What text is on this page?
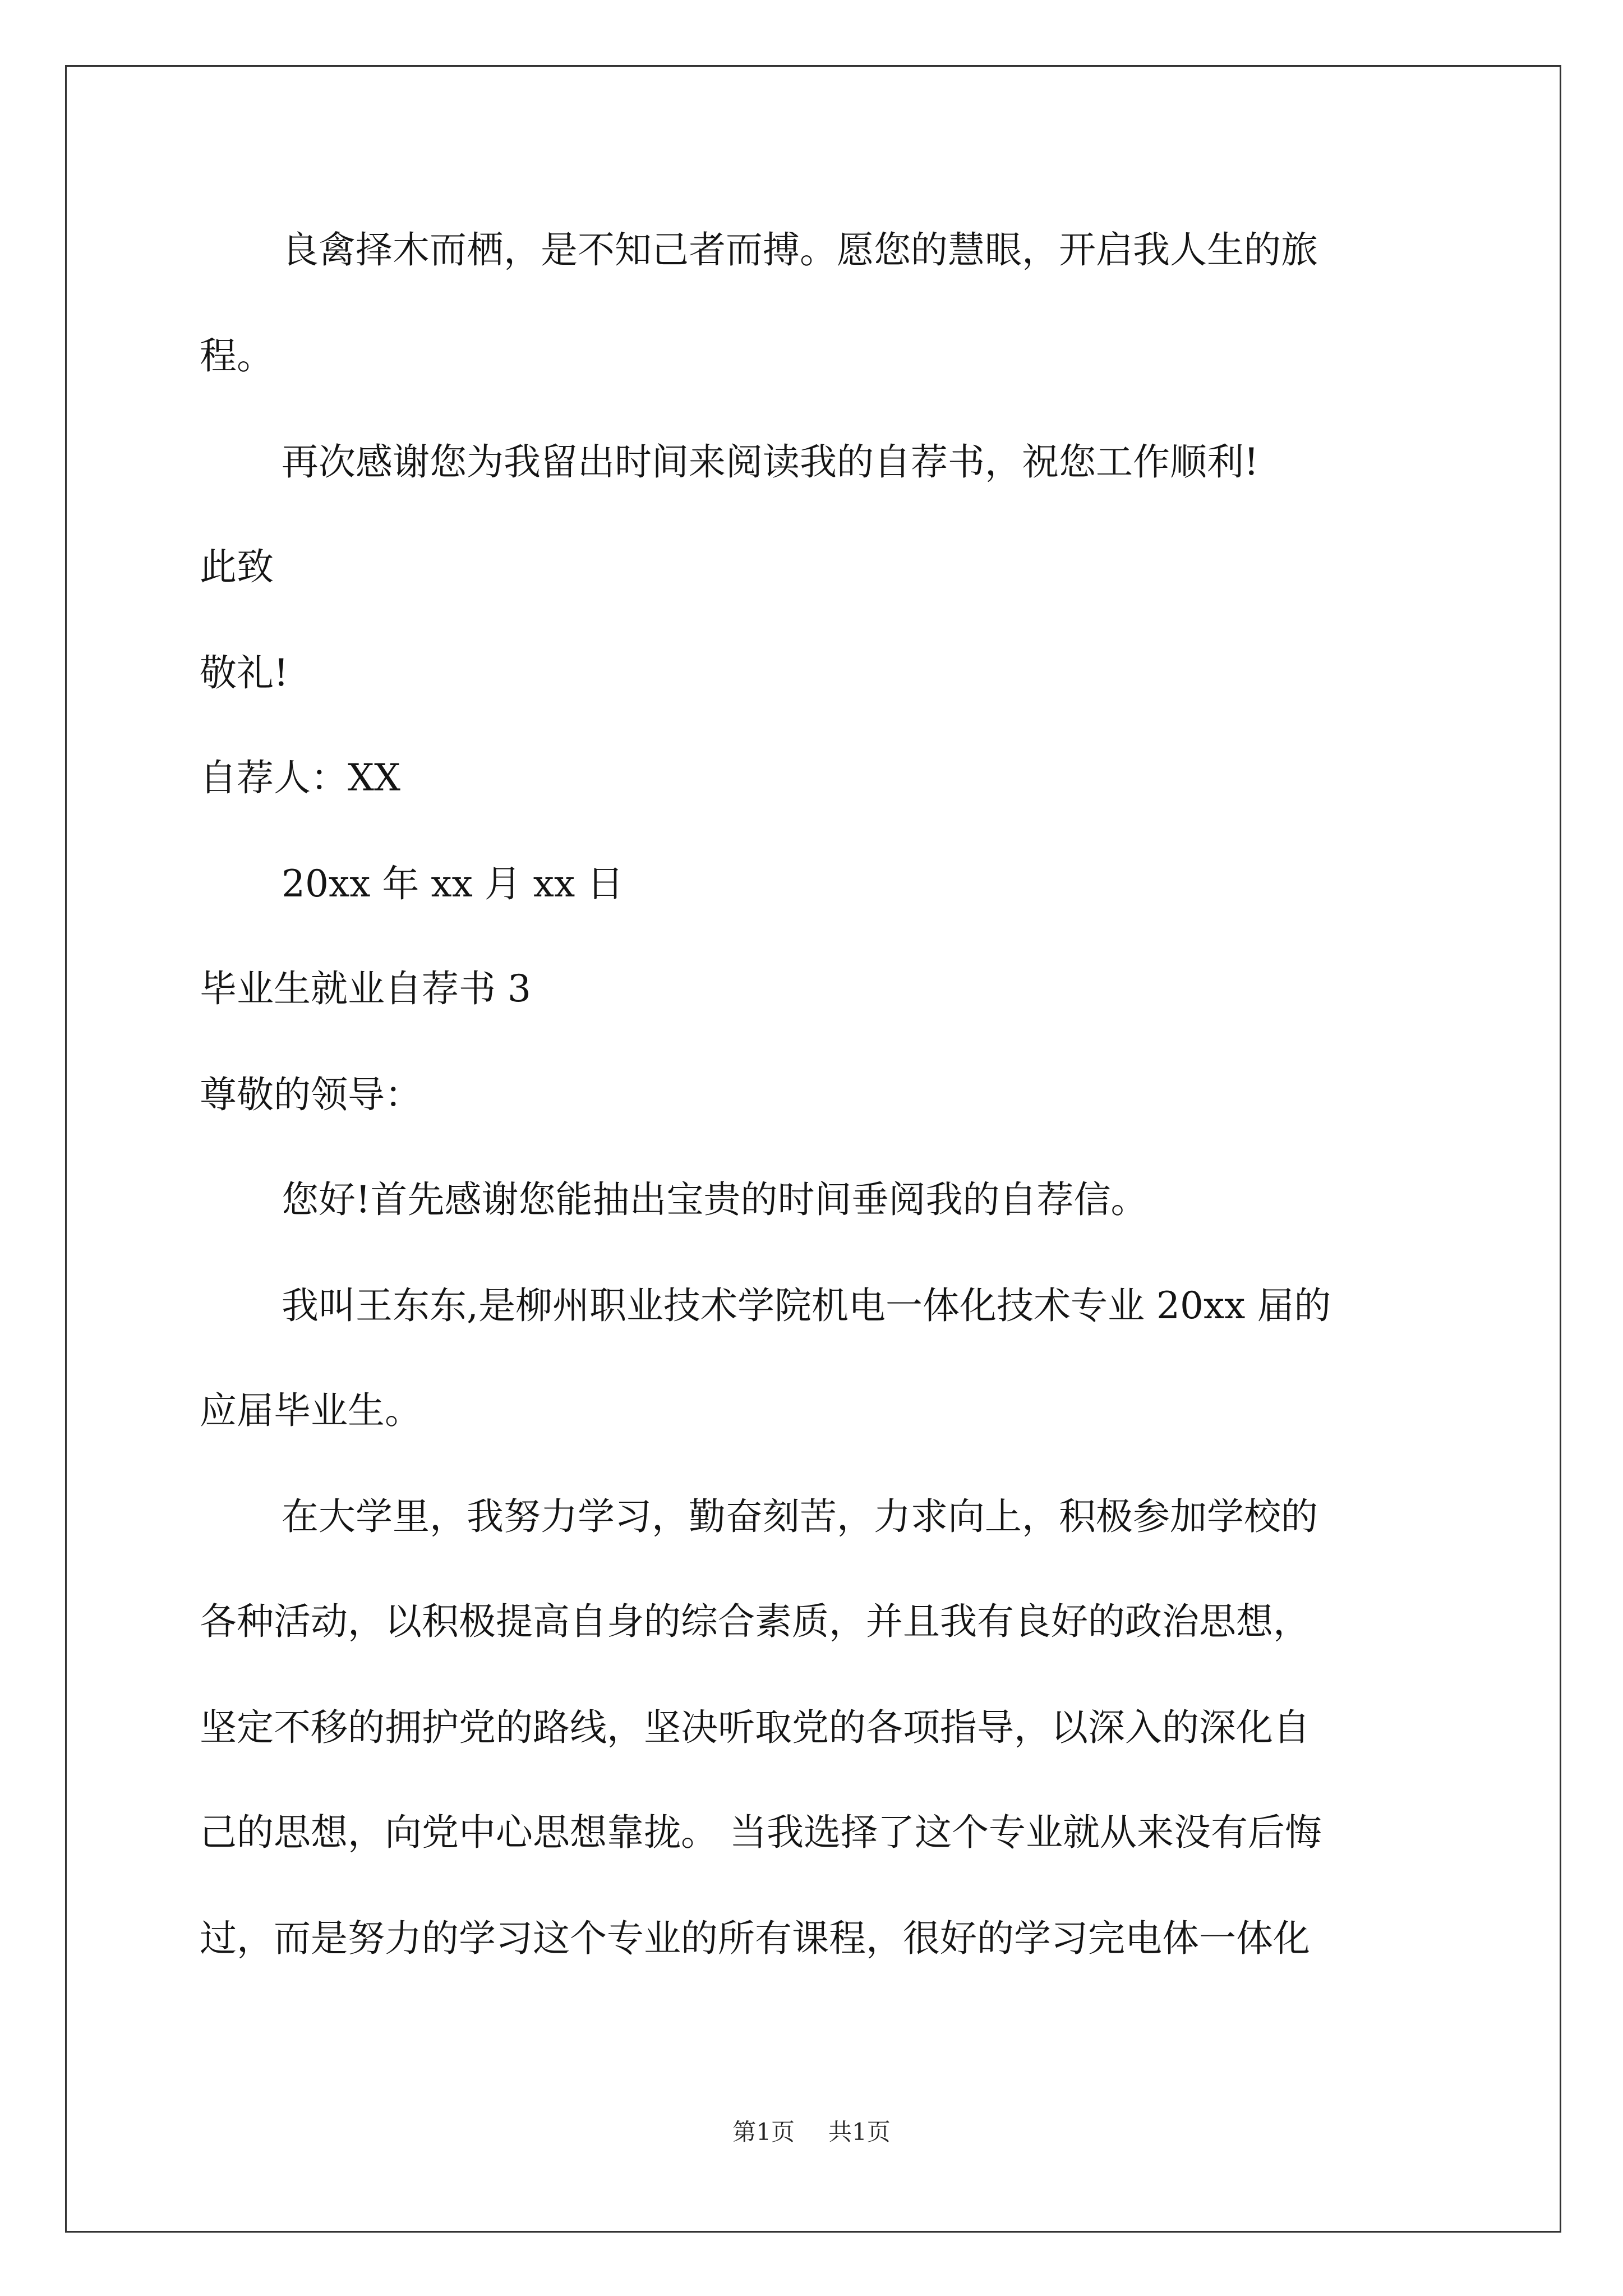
良禽择木而栖，是不知己者而搏。愿您的慧眼，开启我人生的旅
程。
再次感谢您为我留出时间来阅读我的自荐书，祝您工作顺利!
此致
敬礼!
自荐人：XX
20xx 年 xx 月 xx 日
毕业生就业自荐书 3
尊敬的领导：
您好!首先感谢您能抽出宝贵的时间垂阅我的自荐信。
我叫王东东,是柳州职业技术学院机电一体化技术专业 20xx 届的
应届毕业生。
在大学里，我努力学习，勤奋刻苦，力求向上，积极参加学校的
各种活动，以积极提高自身的综合素质，并且我有良好的政治思想，
坚定不移的拥护党的路线，坚决听取党的各项指导，以深入的深化自
己的思想，向党中心思想靠拢。 当我选择了这个专业就从来没有后悔
过，而是努力的学习这个专业的所有课程，很好的学习完电体一体化
第1页 共1页
